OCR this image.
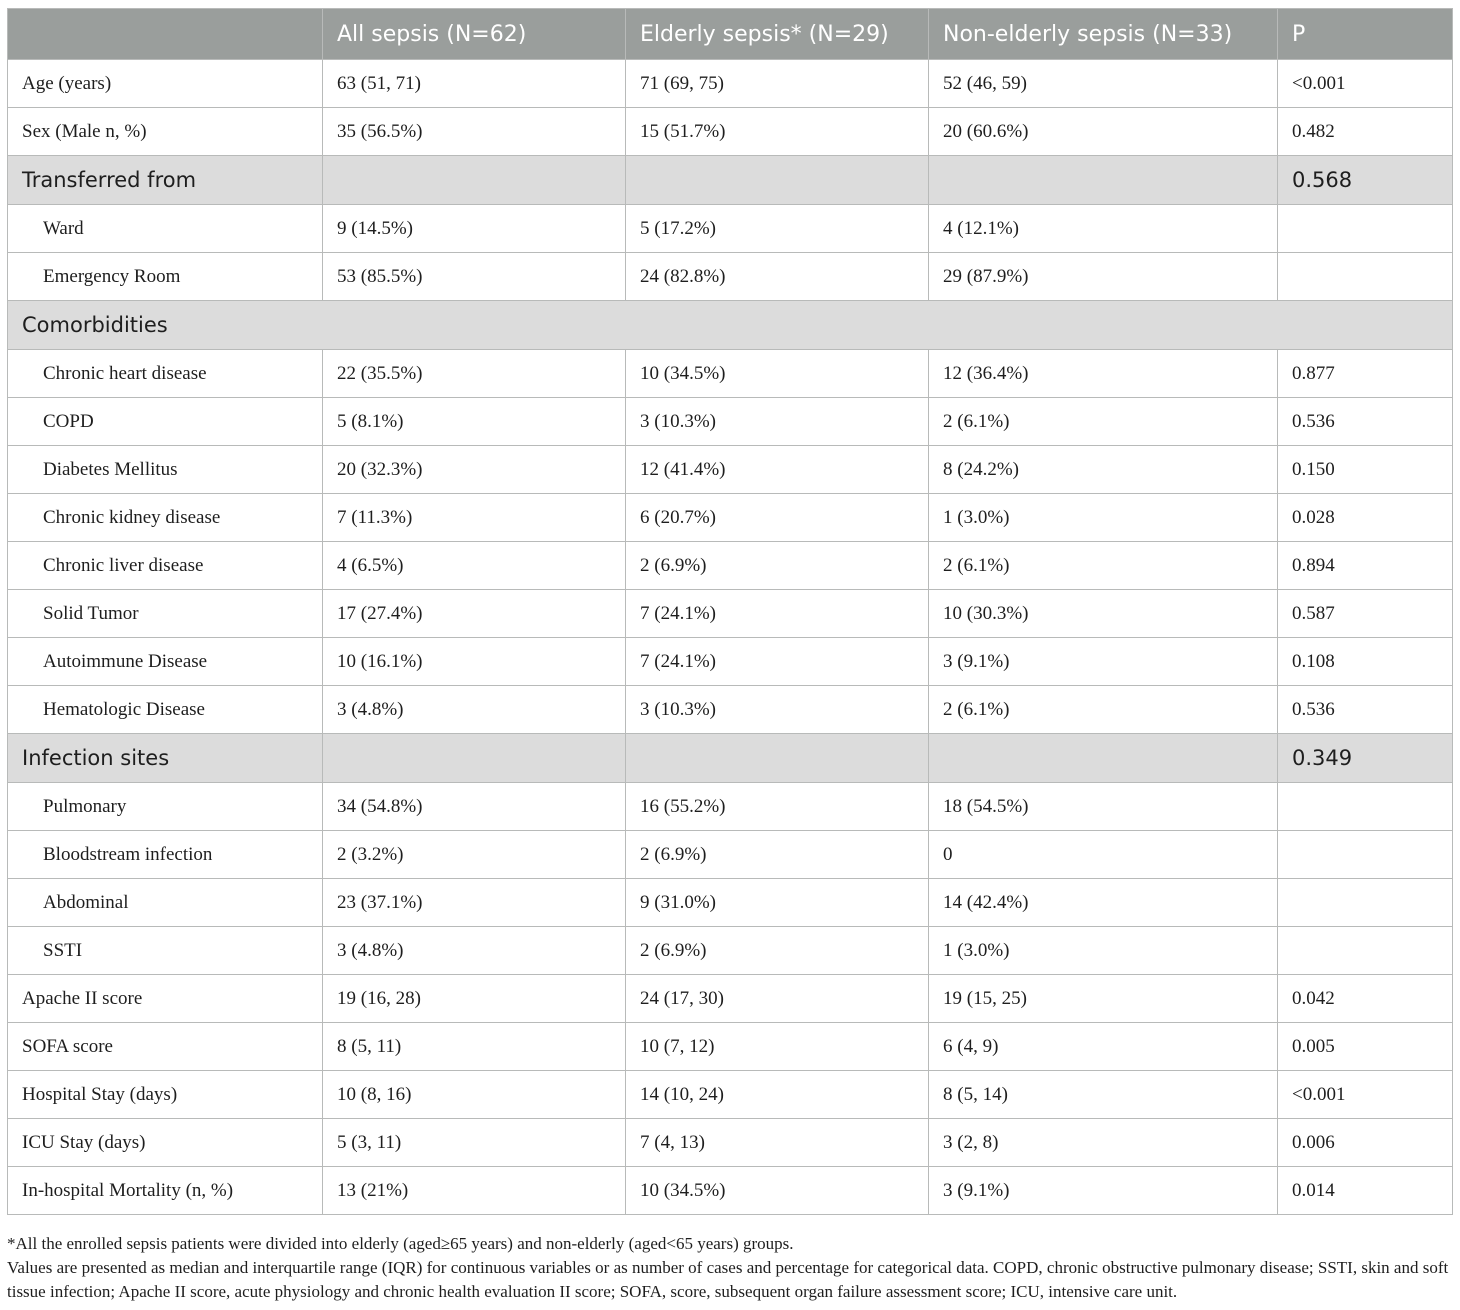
	All sepsis (N=62)	Elderly sepsis* (N=29)	Non-elderly sepsis (N=33)	P
Age (years)	63 (51, 71)	71 (69, 75)	52 (46, 59)	<0.001
Sex (Male n, %)	35 (56.5%)	15 (51.7%)	20 (60.6%)	0.482
Transferred from				0.568
Ward	9 (14.5%)	5 (17.2%)	4 (12.1%)	
Emergency Room	53 (85.5%)	24 (82.8%)	29 (87.9%)	
Comorbidities				
Chronic heart disease	22 (35.5%)	10 (34.5%)	12 (36.4%)	0.877
COPD	5 (8.1%)	3 (10.3%)	2 (6.1%)	0.536
Diabetes Mellitus	20 (32.3%)	12 (41.4%)	8 (24.2%)	0.150
Chronic kidney disease	7 (11.3%)	6 (20.7%)	1 (3.0%)	0.028
Chronic liver disease	4 (6.5%)	2 (6.9%)	2 (6.1%)	0.894
Solid Tumor	17 (27.4%)	7 (24.1%)	10 (30.3%)	0.587
Autoimmune Disease	10 (16.1%)	7 (24.1%)	3 (9.1%)	0.108
Hematologic Disease	3 (4.8%)	3 (10.3%)	2 (6.1%)	0.536
Infection sites				0.349
Pulmonary	34 (54.8%)	16 (55.2%)	18 (54.5%)	
Bloodstream infection	2 (3.2%)	2 (6.9%)	0	
Abdominal	23 (37.1%)	9 (31.0%)	14 (42.4%)	
SSTI	3 (4.8%)	2 (6.9%)	1 (3.0%)	
Apache II score	19 (16, 28)	24 (17, 30)	19 (15, 25)	0.042
SOFA score	8 (5, 11)	10 (7, 12)	6 (4, 9)	0.005
Hospital Stay (days)	10 (8, 16)	14 (10, 24)	8 (5, 14)	<0.001
ICU Stay (days)	5 (3, 11)	7 (4, 13)	3 (2, 8)	0.006
In-hospital Mortality (n, %)	13 (21%)	10 (34.5%)	3 (9.1%)	0.014

*All the enrolled sepsis patients were divided into elderly (aged≥65 years) and non-elderly (aged<65 years) groups.

Values are presented as median and interquartile range (IQR) for continuous variables or as number of cases and percentage for categorical data. COPD, chronic obstructive pulmonary disease; SSTI, skin and soft tissue infection; Apache II score, acute physiology and chronic health evaluation II score; SOFA, score, subsequent organ failure assessment score; ICU, intensive care unit.
